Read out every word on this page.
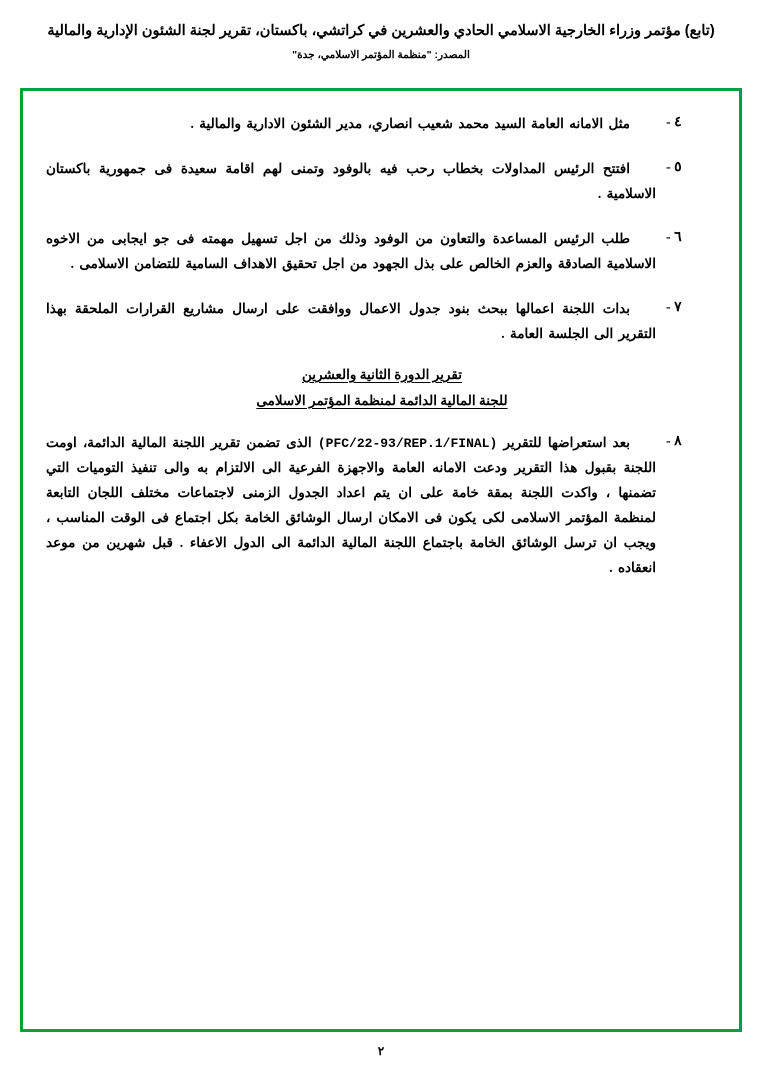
(تابع) مؤتمر وزراء الخارجية الاسلامي الحادي والعشرين في كراتشي، باكستان، تقرير لجنة الشئون الإدارية والمالية
المصدر: "منظمة المؤتمر الاسلامي، جدة"
٤ -
مثل الامانه العامة السيد محمد شعيب انصاري، مدير الشئون الادارية والمالية .
٥ -
افتتح الرئيس المداولات بخطاب رحب فيه بالوفود وتمنى لهم اقامة سعيدة فى جمهورية باكستان الاسلامية .
٦ -
طلب الرئيس المساعدة والتعاون من الوفود وذلك من اجل تسهيل مهمته فى جو ايجابى من الاخوه الاسلامية الصادقة والعزم الخالص على بذل الجهود من اجل تحقيق الاهداف السامية للتضامن الاسلامى .
٧ -
بدات اللجنة اعمالها ببحث بنود جدول الاعمال ووافقت على ارسال مشاريع القرارات الملحقة بهذا التقرير الى الجلسة العامة .
تقرير الدورة الثانية والعشرين
للجنة المالية الدائمة لمنظمة المؤتمر الاسلامى
٨ -
بعد استعراضها للتقرير (PFC/22-93/REP.1/FINAL) الذى تضمن تقرير اللجنة المالية الدائمة، اومت اللجنة بقبول هذا التقرير ودعت الامانه العامة والاجهزة الفرعية الى الالتزام به والى تنفيذ التوميات التي تضمنها ، واكدت اللجنة بمقة خامة على ان يتم اعداد الجدول الزمنى لاجتماعات مختلف اللجان التابعة لمنظمة المؤتمر الاسلامى لكى يكون فى الامكان ارسال الوشائق الخامة بكل اجتماع فى الوقت المناسب ، ويجب ان ترسل الوشائق الخامة باجتماع اللجنة المالية الدائمة الى الدول الاعفاء . قبل شهرين من موعد انعقاده .
٢
